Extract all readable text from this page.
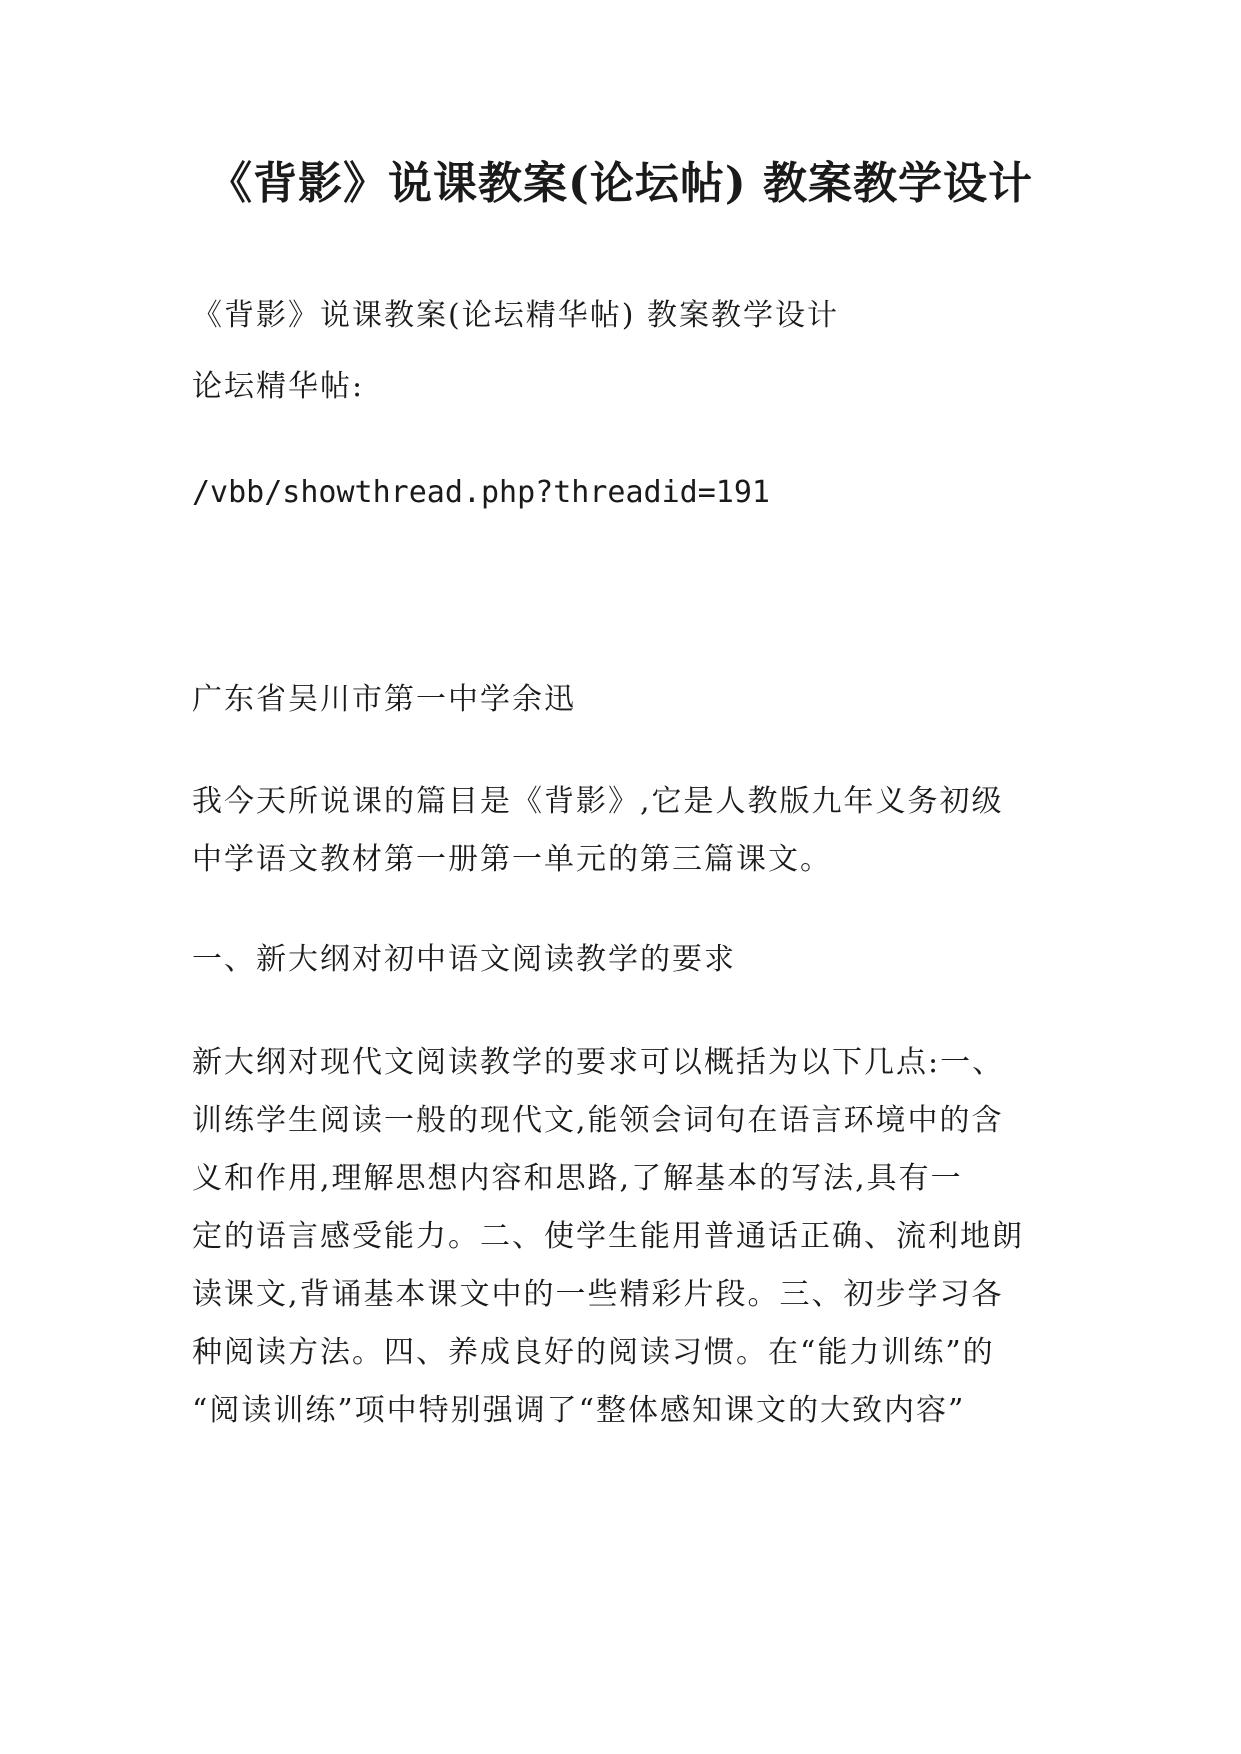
《背影》说课教案(论坛帖) 教案教学设计
《背影》说课教案(论坛精华帖) 教案教学设计
论坛精华帖:
/vbb/showthread.php?threadid=191
广东省吴川市第一中学余迅
我今天所说课的篇目是《背影》,它是人教版九年义务初级
中学语文教材第一册第一单元的第三篇课文。
一、新大纲对初中语文阅读教学的要求
新大纲对现代文阅读教学的要求可以概括为以下几点:一、
训练学生阅读一般的现代文,能领会词句在语言环境中的含
义和作用,理解思想内容和思路,了解基本的写法,具有一
定的语言感受能力。二、使学生能用普通话正确、流利地朗
读课文,背诵基本课文中的一些精彩片段。三、初步学习各
种阅读方法。四、养成良好的阅读习惯。在“能力训练”的
“阅读训练”项中特别强调了“整体感知课文的大致内容”
